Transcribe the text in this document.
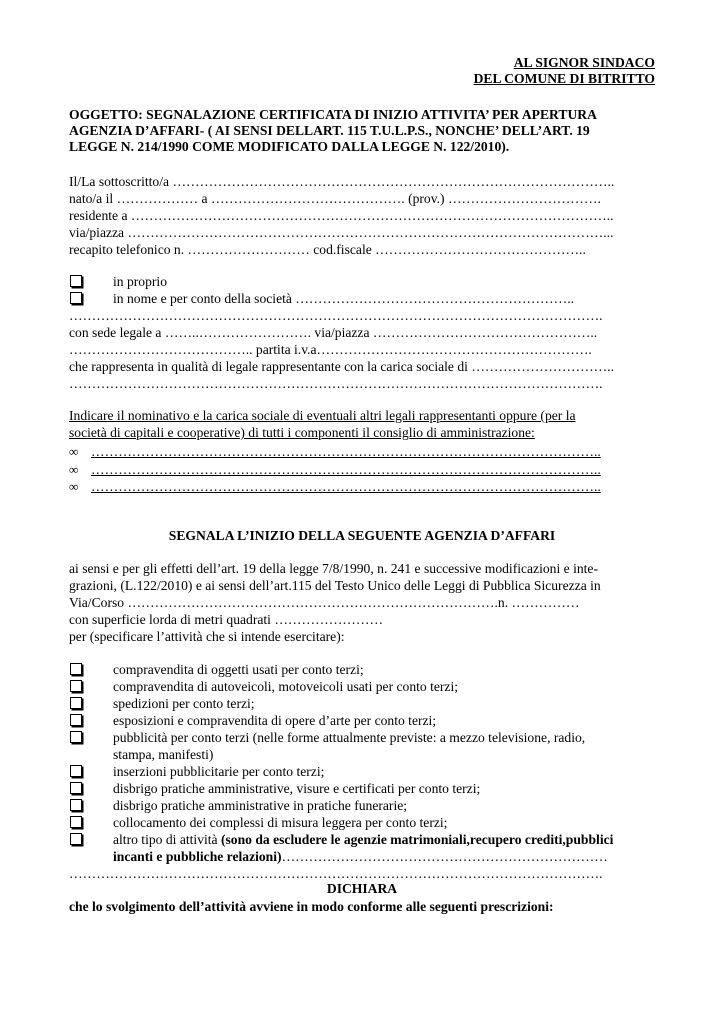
AL SIGNOR SINDACO
DEL COMUNE DI BITRITTO
OGGETTO: SEGNALAZIONE CERTIFICATA DI INIZIO ATTIVITA’ PER APERTURA
AGENZIA D’AFFARI- ( AI SENSI DELLART. 115 T.U.L.P.S., NONCHE’ DELL’ART. 19
LEGGE N. 214/1990 COME MODIFICATO DALLA LEGGE N. 122/2010).
Il/La sottoscritto/a ……………………………………………………………………………………..
nato/a il ……………… a ……………………………………. (prov.) …………………………….
residente a ……………………………………………………………………………………………..
via/piazza ……………………………………………………………………………………………...
recapito telefonico n. ……………………… cod.fiscale ………………………………………..
in proprio
in nome e per conto della società ……………………………………………………..
……………………………………………………………………………………………………….
con sede legale a ……..……………………. via/piazza …………………………………………..
………………………………….. partita i.v.a…………………………………………………….
che rappresenta in qualità di legale rappresentante con la carica sociale di …………………………..
……………………………………………………………………………………………………….
Indicare il nominativo e la carica sociale di eventuali altri legali rappresentanti oppure (per la
società di capitali e cooperative) di tutti i componenti il consiglio di amministrazione:
∞ …………………………………………………………………………………………………..
∞ …………………………………………………………………………………………………..
∞ …………………………………………………………………………………………………..
SEGNALA L’INIZIO DELLA SEGUENTE AGENZIA D’AFFARI
ai sensi e per gli effetti dell’art. 19 della legge 7/8/1990, n. 241 e successive modificazioni e inte-
grazioni, (L.122/2010) e ai sensi dell’art.115 del Testo Unico delle Leggi di Pubblica Sicurezza in
Via/Corso ……………………………………………………………………….n. ……………
con superficie lorda di metri quadrati ……………………
per (specificare l’attività che si intende esercitare):
compravendita di oggetti usati per conto terzi;
compravendita di autoveicoli, motoveicoli usati per conto terzi;
spedizioni per conto terzi;
esposizioni e compravendita di opere d’arte per conto terzi;
pubblicità per conto terzi (nelle forme attualmente previste: a mezzo televisione, radio,
stampa, manifesti)
inserzioni pubblicitarie per conto terzi;
disbrigo pratiche amministrative, visure e certificati per conto terzi;
disbrigo pratiche amministrative in pratiche funerarie;
collocamento dei complessi di misura leggera per conto terzi;
altro tipo di attività (sono da escludere le agenzie matrimoniali,recupero crediti,pubblici
incanti e pubbliche relazioni)………………………………………………………………
……………………………………………………………………………………………………….
DICHIARA
che lo svolgimento dell’attività avviene in modo conforme alle seguenti prescrizioni:
